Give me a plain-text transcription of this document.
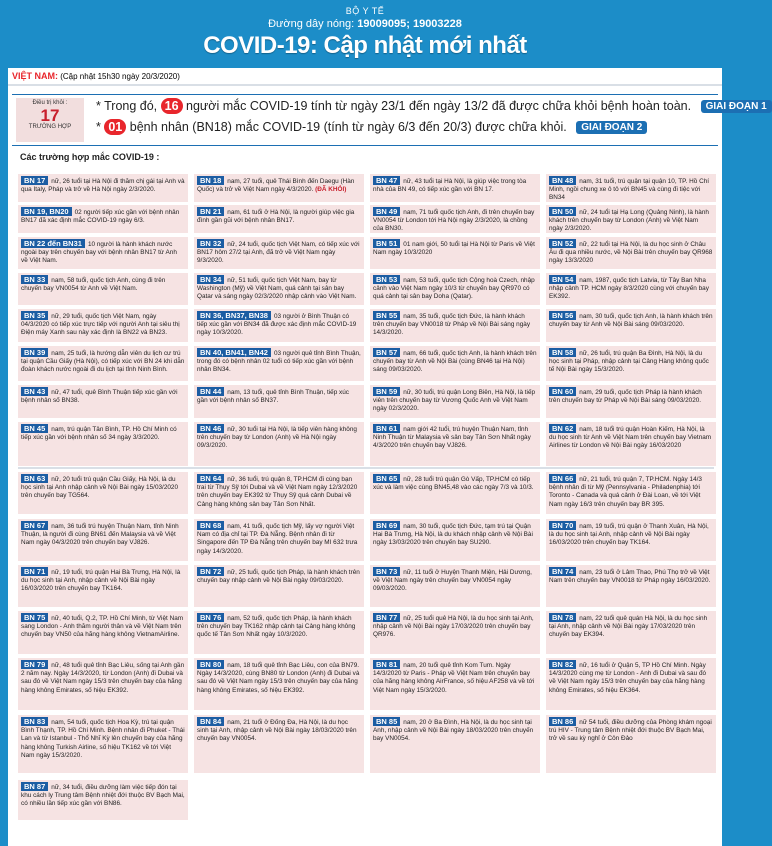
BỘ Y TẾ
Đường dây nóng: 19009095; 19003228
COVID-19: Cập nhật mới nhất
VIỆT NAM: (Cập nhật 15h30 ngày 20/3/2020)
Điều trị khỏi :
17
TRƯỜNG HỢP
* Trong đó, 16 người mắc COVID-19 tính từ ngày 23/1 đến ngày 13/2 đã được chữa khỏi bệnh hoàn toàn. GIAI ĐOẠN 1
* 01 bệnh nhân (BN18) mắc COVID-19 (tính từ ngày 6/3 đến 20/3) được chữa khỏi. GIAI ĐOẠN 2
Các trường hợp mắc COVID-19 :
BN 17 nữ, 26 tuổi tại Hà Nội đi thăm chị gái tại Anh và qua Italy, Pháp và trở về Hà Nội ngày 2/3/2020.
BN 19, BN20 02 người tiếp xúc gần với bệnh nhân BN17 đã xác định mắc COVID-19 ngày 6/3.
BN 22 đến BN31 10 người là hành khách nước ngoài bay trên chuyến bay với bệnh nhân BN17 từ Anh về Việt Nam.
BN 33 nam, 58 tuổi, quốc tịch Anh, cùng đi trên chuyến bay VN0054 từ Anh về Việt Nam.
BN 35 nữ, 29 tuổi, quốc tịch Việt Nam, ngày 04/3/2020 có tiếp xúc trực tiếp với người Anh tại siêu thị Điện máy Xanh sau này xác định là BN22 và BN23.
BN 39 nam, 25 tuổi, là hướng dẫn viên du lịch cư trú tại quận Cầu Giấy (Hà Nội), có tiếp xúc với BN 24 khi dẫn đoàn khách nước ngoài đi du lịch tại tỉnh Ninh Bình.
BN 43 nữ, 47 tuổi, quê Bình Thuận tiếp xúc gần với bệnh nhân số BN38.
BN 45 nam, trú quận Tân Bình, TP. Hồ Chí Minh có tiếp xúc gần với bệnh nhân số 34 ngày 3/3/2020.
BN 63 nữ, 20 tuổi trú quận Cầu Giấy, Hà Nội, là du học sinh tại Anh nhập cảnh về Nội Bài ngày 15/03/2020 trên chuyến bay TG564.
BN 67 nam, 36 tuổi trú huyện Thuận Nam, tỉnh Ninh Thuận, là người đi cùng BN61 đến Malaysia và về Việt Nam ngày 04/3/2020 trên chuyến bay VJ826.
BN 71 nữ, 19 tuổi, trú quận Hai Bà Trưng, Hà Nội, là du học sinh tại Anh, nhập cảnh về Nội Bài ngày 16/03/2020 trên chuyến bay TK164.
BN 75 nữ, 40 tuổi, Q.2, TP. Hồ Chí Minh, từ Việt Nam sang London - Anh thăm người thân và về Việt Nam trên chuyến bay VN50 của hãng hàng không VietnamAirline.
BN 79 nữ, 48 tuổi quê tỉnh Bạc Liêu, sống tại Anh gần 2 năm nay. Ngày 14/3/2020, từ London (Anh) đi Dubai và sau đó về Việt Nam ngày 15/3 trên chuyến bay của hãng hàng không Emirates, số hiệu EK392.
BN 83 nam, 54 tuổi, quốc tịch Hoa Kỳ, trú tại quận Bình Thạnh, TP. Hồ Chí Minh. Bệnh nhân đi Phuket - Thái Lan và từ Istanbul - Thổ Nhĩ Kỳ lên chuyến bay của hãng hàng không Turkish Airline, số hiệu TK162 về tới Việt Nam ngày 15/3/2020.
BN 87 nữ, 34 tuổi, điều dưỡng làm việc tiếp đón tại khu cách ly Trung tâm Bệnh nhiệt đới thuộc BV Bạch Mai, có nhiều lần tiếp xúc gần với BN86.
BN 18 nam, 27 tuổi, quê Thái Bình đến Daegu (Hàn Quốc) và trở về Việt Nam ngày 4/3/2020. (ĐÃ KHỎI)
BN 21 nam, 61 tuổi ở Hà Nội, là người giúp việc gia đình gần gũi với bệnh nhân BN17.
BN 32 nữ, 24 tuổi, quốc tịch Việt Nam, có tiếp xúc với BN17 hôm 27/2 tại Anh, đã trở về Việt Nam ngày 9/3/2020.
BN 34 nữ, 51 tuổi, quốc tịch Việt Nam, bay từ Washington (Mỹ) về Việt Nam, quá cảnh tại sân bay Qatar và sáng ngày 02/3/2020 nhập cảnh vào Việt Nam.
BN 36, BN37, BN38 03 người ở Bình Thuận có tiếp xúc gần với BN34 đã được xác định mắc COVID-19 ngày 10/3/2020.
BN 40, BN41, BN42 03 người quê tỉnh Bình Thuận, trong đó có bệnh nhân 02 tuổi có tiếp xúc gần với bệnh nhân BN34.
BN 44 nam, 13 tuổi, quê tỉnh Bình Thuận, tiếp xúc gần với bệnh nhân số BN37.
BN 46 nữ, 30 tuổi tại Hà Nội, là tiếp viên hàng không trên chuyến bay từ London (Anh) về Hà Nội ngày 09/3/2020.
BN 64 nữ, 36 tuổi, trú quận 8, TP.HCM đi cùng bạn trai từ Thụy Sỹ tới Dubai và về Việt Nam ngày 12/3/2020 trên chuyến bay EK392 từ Thụy Sỹ quá cảnh Dubai về Cảng hàng không sân bay Tân Sơn Nhất.
BN 68 nam, 41 tuổi, quốc tịch Mỹ, lấy vợ người Việt Nam có địa chỉ tại TP. Đà Nẵng. Bệnh nhân đi từ Singapore đến TP Đà Nẵng trên chuyến bay MI 632 trưa ngày 14/3/2020.
BN 72 nữ, 25 tuổi, quốc tịch Pháp, là hành khách trên chuyến bay nhập cảnh về Nội Bài ngày 09/03/2020.
BN 76 nam, 52 tuổi, quốc tịch Pháp, là hành khách trên chuyến bay TK162 nhập cảnh tại Cảng hàng không quốc tế Tân Sơn Nhất ngày 10/3/2020.
BN 80 nam, 18 tuổi quê tỉnh Bạc Liêu, con của BN79. Ngày 14/3/2020, cùng BN80 từ London (Anh) đi Dubai và sau đó về Việt Nam ngày 15/3 trên chuyến bay của hãng hàng không Emirates, số hiệu EK392.
BN 84 nam, 21 tuổi ở Đống Đa, Hà Nội, là du học sinh tại Anh, nhập cảnh về Nội Bài ngày 18/03/2020 trên chuyến bay VN0054.
BN 47 nữ, 43 tuổi tại Hà Nội, là giúp việc trong tòa nhà của BN 49, có tiếp xúc gần với BN 17.
BN 49 nam, 71 tuổi quốc tịch Anh, đi trên chuyến bay VN0054 từ London tới Hà Nội ngày 2/3/2020, là chồng của BN30.
BN 51 01 nam giới, 50 tuổi tại Hà Nội từ Paris về Việt Nam ngày 10/3/2020
BN 53 nam, 53 tuổi, quốc tịch Cộng hoà Czech, nhập cảnh vào Việt Nam ngày 10/3 từ chuyến bay QR970 có quá cảnh tại sân bay Doha (Qatar).
BN 55 nam, 35 tuổi, quốc tịch Đức, là hành khách trên chuyến bay VN0018 từ Pháp về Nội Bài sáng ngày 14/3/2020.
BN 57 nam, 66 tuổi, quốc tịch Anh, là hành khách trên chuyến bay từ Anh về Nội Bài (cùng BN46 tại Hà Nội) sáng 09/03/2020.
BN 59 nữ, 30 tuổi, trú quận Long Biên, Hà Nội, là tiếp viên trên chuyến bay từ Vương Quốc Anh về Việt Nam ngày 02/3/2020.
BN 61 nam giới 42 tuổi, trú huyện Thuận Nam, tỉnh Ninh Thuận từ Malaysia về sân bay Tân Sơn Nhất ngày 4/3/2020 trên chuyến bay VJ826.
BN 65 nữ, 28 tuổi trú quận Gò Vấp, TP.HCM có tiếp xúc và làm việc cùng BN45,48 vào các ngày 7/3 và 10/3.
BN 69 nam, 30 tuổi, quốc tịch Đức, tạm trú tại Quận Hai Bà Trưng, Hà Nội, là du khách nhập cảnh về Nội Bài ngày 13/03/2020 trên chuyến bay SU290.
BN 73 nữ, 11 tuổi ở Huyện Thanh Miện, Hải Dương, về Việt Nam ngày trên chuyến bay VN0054 ngày 09/03/2020.
BN 77 nữ, 25 tuổi quê Hà Nội, là du học sinh tại Anh, nhập cảnh về Nội Bài ngày 17/03/2020 trên chuyến bay QR976.
BN 81 nam, 20 tuổi quê tỉnh Kom Tum. Ngày 14/3/2020 từ Paris - Pháp về Việt Nam trên chuyến bay của hãng hàng không AirFrance, số hiệu AF258 và về tới Việt Nam ngày 15/3/2020.
BN 85 nam, 20 ở Ba Đình, Hà Nội, là du học sinh tại Anh, nhập cảnh về Nội Bài ngày 18/03/2020 trên chuyến bay VN0054.
BN 48 nam, 31 tuổi, trú quận tại quận 10, TP. Hồ Chí Minh, ngồi chung xe ô tô với BN45 và cùng đi tiệc với BN34
BN 50 nữ, 24 tuổi tại Hạ Long (Quảng Ninh), là hành khách trên chuyến bay từ London (Anh) về Việt Nam ngày 2/3/2020.
BN 52 nữ, 22 tuổi tại Hà Nội, là du học sinh ở Châu Âu đi qua nhiều nước, về Nội Bài trên chuyến bay QR968 ngày 13/3/2020
BN 54 nam, 1987, quốc tịch Latvia, từ Tây Ban Nha nhập cảnh TP. HCM ngày 8/3/2020 cùng với chuyến bay EK392.
BN 56 nam, 30 tuổi, quốc tịch Anh, là hành khách trên chuyến bay từ Anh về Nội Bài sáng 09/03/2020.
BN 58 nữ, 26 tuổi, trú quận Ba Đình, Hà Nội, là du học sinh tại Pháp, nhập cảnh tại Cảng Hàng không quốc tế Nội Bài ngày 15/3/2020.
BN 60 nam, 29 tuổi, quốc tịch Pháp là hành khách trên chuyến bay từ Pháp về Nội Bài sáng 09/03/2020.
BN 62 nam, 18 tuổi trú quận Hoàn Kiếm, Hà Nội, là du học sinh từ Anh về Việt Nam trên chuyến bay Vietnam Airlines từ London về Nội Bài ngày 16/03/2020
BN 66 nữ, 21 tuổi, trú quận 7, TP.HCM. Ngày 14/3 bệnh nhân đi từ Mỹ (Pennsylvania - Philadenphia) tới Toronto - Canada và quá cảnh ở Đài Loan, về tới Việt Nam ngày 16/3 trên chuyến bay BR 395.
BN 70 nam, 19 tuổi, trú quận ở Thanh Xuân, Hà Nội, là du học sinh tại Anh, nhập cảnh về Nội Bài ngày 16/03/2020 trên chuyến bay TK164.
BN 74 nam, 23 tuổi ở Lâm Thao, Phú Thọ trở về Việt Nam trên chuyến bay VN0018 từ Pháp ngày 16/03/2020.
BN 78 nam, 22 tuổi quê quán Hà Nội, là du học sinh tại Anh, nhập cảnh về Nội Bài ngày 17/03/2020 trên chuyến bay EK394.
BN 82 nữ, 16 tuổi ở Quận 5, TP Hồ Chí Minh. Ngày 14/3/2020 cùng mẹ từ London - Anh đi Dubai và sau đó về Việt Nam ngày 15/3 trên chuyến bay của hãng hàng không Emirates, số hiệu EK364.
BN 86 nữ 54 tuổi, điều dưỡng của Phòng khám ngoại trú HIV - Trung tâm Bệnh nhiệt đới thuộc BV Bạch Mai, trở về sau kỳ nghỉ ở Côn Đảo
